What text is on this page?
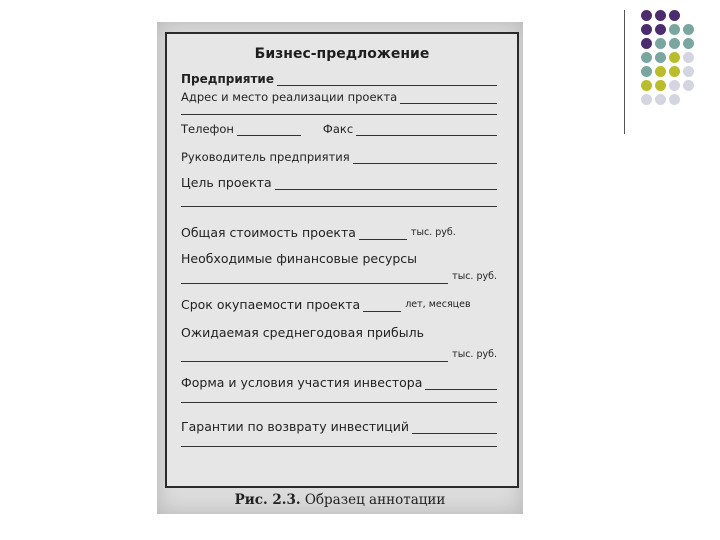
Бизнес-предложение
Предприятие
Адрес и место реализации проекта
Телефон	Факс
Руководитель предприятия
Цель проекта
Общая стоимость проекта	тыс. руб.
Необходимые финансовые ресурсы
тыс. руб.
Срок окупаемости проекта	лет, месяцев
Ожидаемая среднегодовая прибыль
тыс. руб.
Форма и условия участия инвестора
Гарантии по возврату инвестиций
Рис. 2.3. Образец аннотации
